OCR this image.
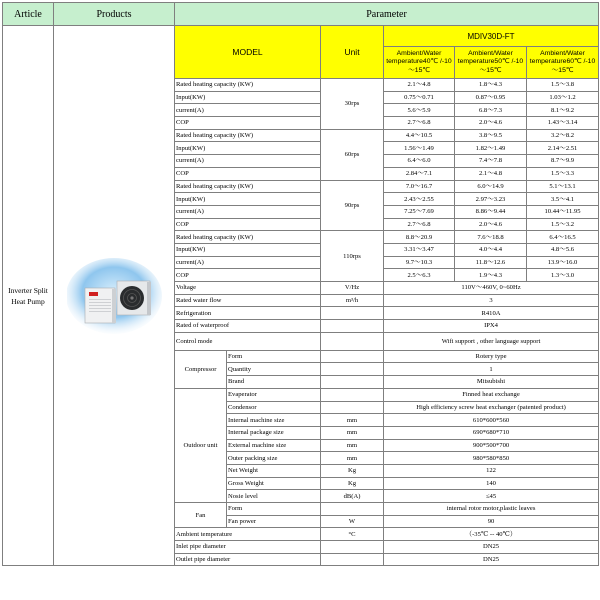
Article	Products	Parameter					
Inverter Split Heat Pump		MODEL		Unit	MDIV30D-FT		
					Ambient/Water temperature40℃ /-10～15℃	Ambient/Water temperature50℃ /-10～15℃	Ambient/Water temperature60℃ /-10～15℃
		Rated heating capacity (KW)		30rps	2.1～4.8	1.8～4.3	1.5～3.8
		Input(KW)			0.75～0.71	0.87～0.95	1.03～1.2
		current(A)			5.6～5.9	6.8～7.3	8.1～9.2
		COP			2.7～6.8	2.0～4.6	1.43～3.14
		Rated heating capacity (KW)		60rps	4.4～10.5	3.8～9.5	3.2～8.2
		Input(KW)			1.56～1.49	1.82～1.49	2.14～2.51
		current(A)			6.4～6.0	7.4～7.8	8.7～9.9
		COP			2.84～7.1	2.1～4.8	1.5～3.3
		Rated heating capacity (KW)		90rps	7.0～16.7	6.0～14.9	5.1～13.1
		Input(KW)			2.43～2.55	2.97～3.23	3.5～4.1
		current(A)			7.25～7.69	8.86～9.44	10.44～11.95
		COP			2.7～6.8	2.0～4.6	1.5～3.2
		Rated heating capacity (KW)		110rps	8.8～20.9	7.6～18.8	6.4～16.5
		Input(KW)			3.31～3.47	4.0～4.4	4.8～5.6
		current(A)			9.7～10.3	11.8～12.6	13.9～16.0
		COP			2.5～6.3	1.9～4.3	1.3～3.0
		Voltage		V/Hz	110V～460V, 0~60Hz		
		Rated water flow		m³/h	3		
		Refrigeration			R410A		
		Rated of waterproof			IPX4		
		Control mode			Wifi support , other language support		
		Compressor	Form		Rotery type		
			Quantity		1		
			Brand		Mitsubishi		
		Outdoor unit	Evaperator		Finned heat exchange		
			Condensor		High efficiency screw heat exchanger (patented product)		
			Internal machine size	mm	610*600*560		
			Internal package size	mm	690*680*710		
			External machine size	mm	900*500*700		
			Outer packing size	mm	980*580*850		
			Net Weight	Kg	122		
			Gross Weight	Kg	140		
			Nosie level	dB(A)	≤45		
		Fan	Form		internal rotor motor,plastic leaves		
			Fan power	W	90		
		Ambient temperature		°C	（-35℃ -- 40℃）		
		Inlet pipe diameter			DN25		
		Outlet pipe diameter			DN25		
